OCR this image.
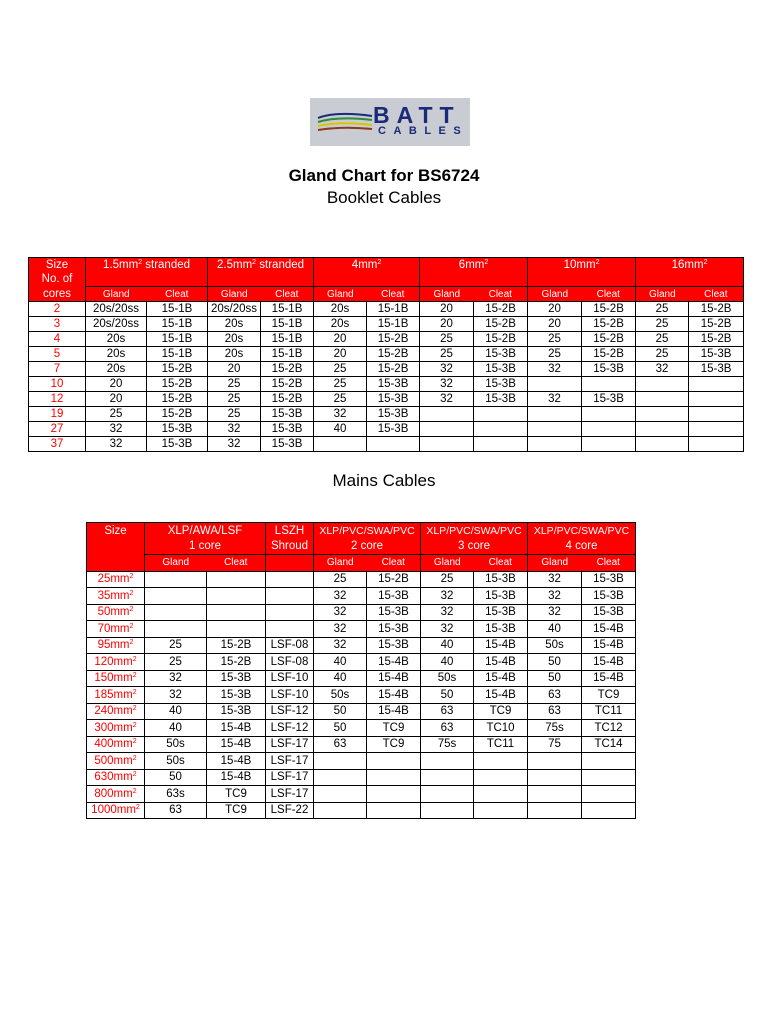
BATT
CABLES
Gland Chart for BS6724
Booklet Cables
Size	$1.5mm^2$ stranded		$2.5mm^2$ stranded		$4mm^2$		$6mm^2$		$10mm^2$		$16mm^2$
No. of												
cores	Gland	Cleat	Gland	Cleat	Gland	Cleat	Gland	Cleat	Gland	Cleat	Gland	Cleat
2	20s/20ss	15-1B	20s/20ss	15-1B	20s	15-1B	20	15-2B	20	15-2B	25	15-2B
3	20s/20ss	15-1B	20s	15-1B	20s	15-1B	20	15-2B	20	15-2B	25	15-2B
4	20s	15-1B	20s	15-1B	20	15-2B	25	15-2B	25	15-2B	25	15-2B
5	20s	15-1B	20s	15-1B	20	15-2B	25	15-3B	25	15-2B	25	15-3B
7	20s	15-2B	20	15-2B	25	15-2B	32	15-3B	32	15-3B	32	15-3B
10	20	15-2B	25	15-2B	25	15-3B	32	15-3B				
12	20	15-2B	25	15-2B	25	15-3B	32	15-3B	32	15-3B		
19	25	15-2B	25	15-3B	32	15-3B						
27	32	15-3B	32	15-3B	40	15-3B						
37	32	15-3B	32	15-3B								
Mains Cables
Size	XLP/AWA/LSF		LSZH	XLP/PVC/SWA/PVC		XLP/PVC/SWA/PVC		XLP/PVC/SWA/PVC	
	1 core		Shroud	2 core		3 core		4 core	
	Gland	Cleat		Gland	Cleat	Gland	Cleat	Gland	Cleat
$25mm^2$				25	15-2B	25	15-3B	32	15-3B
$35mm^2$				32	15-3B	32	15-3B	32	15-3B
$50mm^2$				32	15-3B	32	15-3B	32	15-3B
$70mm^2$				32	15-3B	32	15-3B	40	15-4B
$95mm^2$	25	15-2B	LSF-08	32	15-3B	40	15-4B	50s	15-4B
$120mm^2$	25	15-2B	LSF-08	40	15-4B	40	15-4B	50	15-4B
$150mm^2$	32	15-3B	LSF-10	40	15-4B	50s	15-4B	50	15-4B
$185mm^2$	32	15-3B	LSF-10	50s	15-4B	50	15-4B	63	TC9
$240mm^2$	40	15-3B	LSF-12	50	15-4B	63	TC9	63	TC11
$300mm^2$	40	15-4B	LSF-12	50	TC9	63	TC10	75s	TC12
$400mm^2$	50s	15-4B	LSF-17	63	TC9	75s	TC11	75	TC14
$500mm^2$	50s	15-4B	LSF-17						
$630mm^2$	50	15-4B	LSF-17						
$800mm^2$	63s	TC9	LSF-17						
$1000mm^2$	63	TC9	LSF-22						
